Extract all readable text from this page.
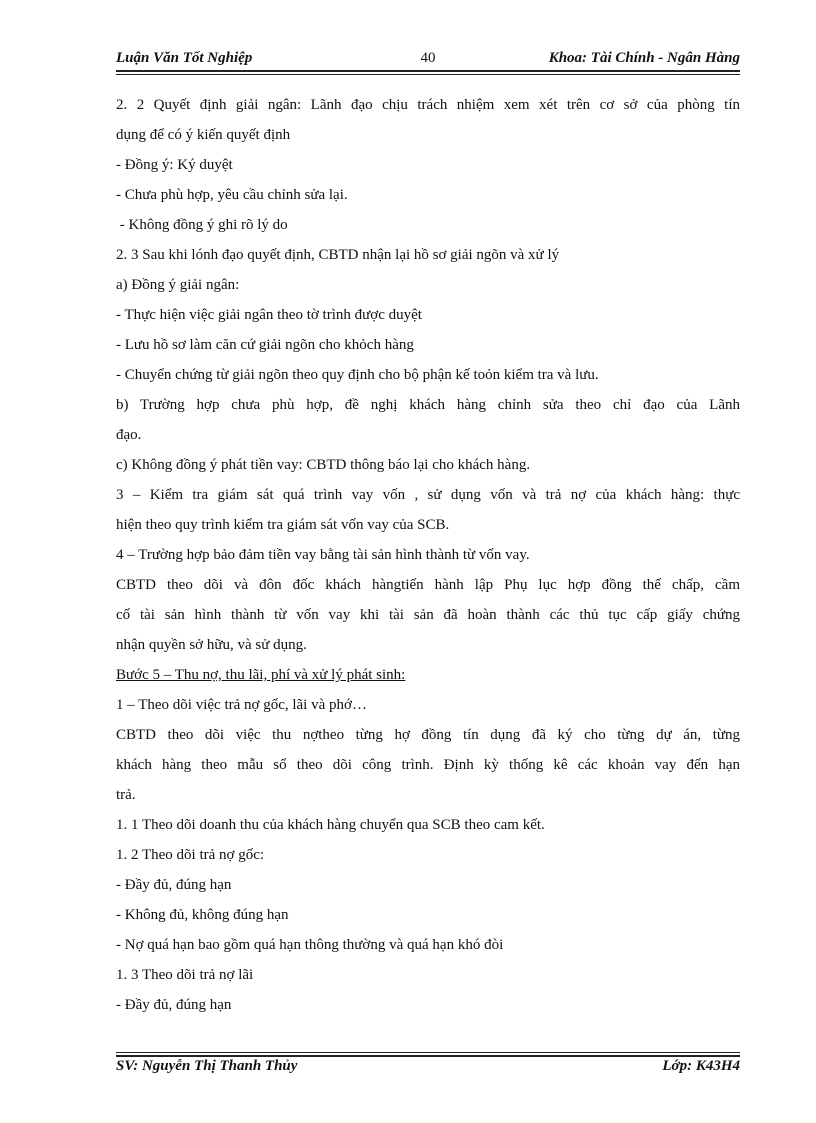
Luận Văn Tốt Nghiệp	40	Khoa: Tài Chính - Ngân Hàng
2. 2 Quyết định giải ngân: Lãnh đạo chịu trách nhiệm xem xét trên cơ sở của phòng tín
dụng để có ý kiến quyết định
- Đồng ý: Ký duyệt
- Chưa phù hợp, yêu cầu chỉnh sửa lại.
- Không đồng ý ghi rõ lý do
2. 3 Sau khi lónh đạo quyết định, CBTD nhận lại hồ sơ giải ngõn và xử lý
a) Đồng ý giải ngân:
- Thực hiện việc giải ngân theo tờ trình được duyệt
- Lưu hồ sơ làm căn cứ giải ngõn cho khỏch hàng
- Chuyển chứng từ giải ngõn theo quy định cho bộ phận kế toỏn kiểm tra và lưu.
b) Trường hợp chưa phù hợp, đề nghị khách hàng chỉnh sửa theo chỉ đạo của Lãnh
đạo.
c) Không đồng ý phát tiền vay: CBTD thông báo lại cho khách hàng.
3 – Kiểm tra giám sát quá trình vay vốn , sử dụng vốn và trả nợ của khách hàng: thực
hiện theo quy trình kiểm tra giám sát vốn vay của SCB.
4 – Trường hợp bảo đảm tiền vay bằng tài sản hình thành từ vốn vay.
CBTD theo dõi và đôn đốc khách hàngtiến hành lập Phụ lục hợp đồng thế chấp, cầm
cố tài sản hình thành từ vốn vay khi tài sản đã hoàn thành các thủ tục cấp giấy chứng
nhận quyền sở hữu, và sử dụng.
Bước 5 – Thu nợ, thu lãi, phí và xử lý phát sinh:
1 – Theo dõi việc trả nợ gốc, lãi và phớ…
CBTD theo dõi việc thu nợtheo từng hợ đồng tín dụng đã ký cho từng dự án, từng
khách hàng theo mẫu sổ theo dõi công trình. Định kỳ thống kê các khoản vay đến hạn
trả.
1. 1 Theo dõi doanh thu của khách hàng chuyển qua SCB theo cam kết.
1. 2 Theo dõi trả nợ gốc:
- Đầy đủ, đúng hạn
- Không đủ, không đúng hạn
- Nợ quá hạn bao gồm quá hạn thông thường và quá hạn khó đòi
1. 3 Theo dõi trả nợ lãi
- Đầy đủ, đúng hạn
SV: Nguyễn Thị Thanh Thủy	Lớp: K43H4
